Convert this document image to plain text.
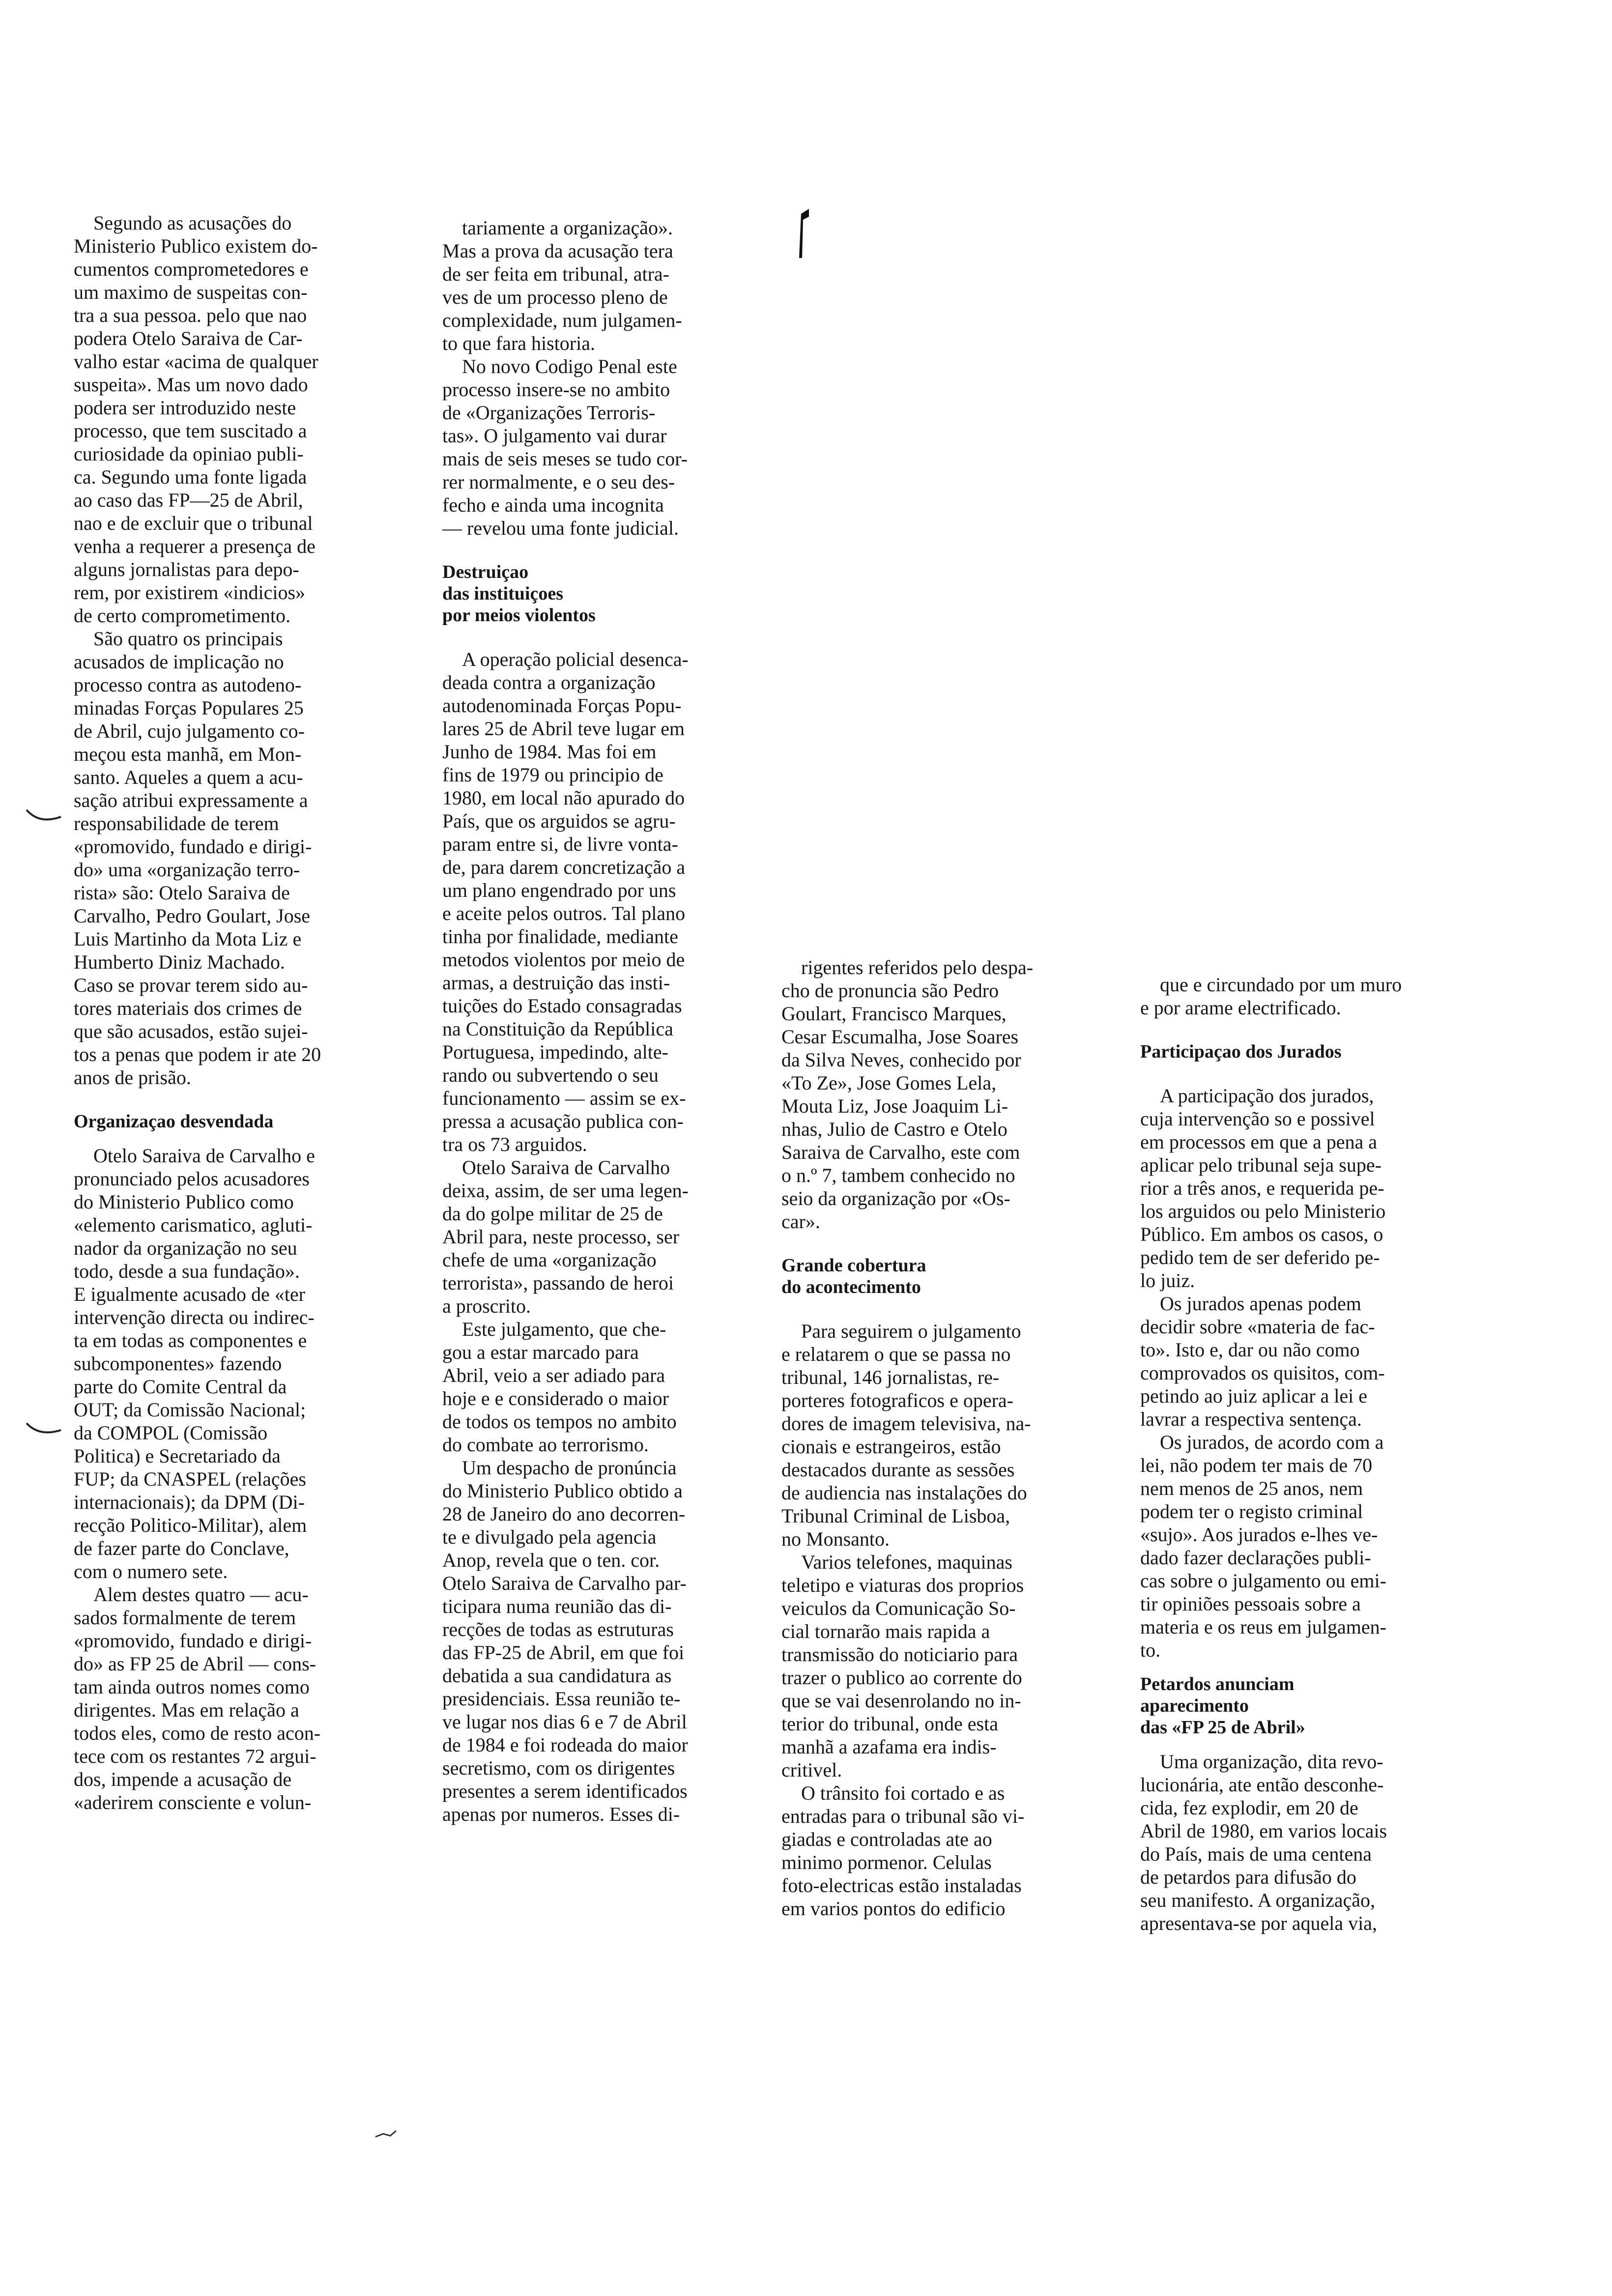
 Segundo as acusações do
Ministerio Publico existem do-
cumentos comprometedores e
um maximo de suspeitas con-
tra a sua pessoa. pelo que nao
podera Otelo Saraiva de Car-
valho estar «acima de qualquer
suspeita». Mas um novo dado
podera ser introduzido neste
processo, que tem suscitado a
curiosidade da opiniao publi-
ca. Segundo uma fonte ligada
ao caso das FP—25 de Abril,
nao e de excluir que o tribunal
venha a requerer a presença de
alguns jornalistas para depo-
rem, por existirem «indicios»
de certo comprometimento.
 São quatro os principais
acusados de implicação no
processo contra as autodeno-
minadas Forças Populares 25
de Abril, cujo julgamento co-
meçou esta manhã, em Mon-
santo. Aqueles a quem a acu-
sação atribui expressamente a
responsabilidade de terem
«promovido, fundado e dirigi-
do» uma «organização terro-
rista» são: Otelo Saraiva de
Carvalho, Pedro Goulart, Jose
Luis Martinho da Mota Liz e
Humberto Diniz Machado.
Caso se provar terem sido au-
tores materiais dos crimes de
que são acusados, estão sujei-
tos a penas que podem ir ate 20
anos de prisão.
Organizaçao desvendada
 Otelo Saraiva de Carvalho e
pronunciado pelos acusadores
do Ministerio Publico como
«elemento carismatico, agluti-
nador da organização no seu
todo, desde a sua fundação».
E igualmente acusado de «ter
intervenção directa ou indirec-
ta em todas as componentes e
subcomponentes» fazendo
parte do Comite Central da
OUT; da Comissão Nacional;
da COMPOL (Comissão
Politica) e Secretariado da
FUP; da CNASPEL (relações
internacionais); da DPM (Di-
recção Politico-Militar), alem
de fazer parte do Conclave,
com o numero sete.
 Alem destes quatro — acu-
sados formalmente de terem
«promovido, fundado e dirigi-
do» as FP 25 de Abril — cons-
tam ainda outros nomes como
dirigentes. Mas em relação a
todos eles, como de resto acon-
tece com os restantes 72 argui-
dos, impende a acusação de
«aderirem consciente e volun-
 tariamente a organização».
Mas a prova da acusação tera
de ser feita em tribunal, atra-
ves de um processo pleno de
complexidade, num julgamen-
to que fara historia.
 No novo Codigo Penal este
processo insere-se no ambito
de «Organizações Terroris-
tas». O julgamento vai durar
mais de seis meses se tudo cor-
rer normalmente, e o seu des-
fecho e ainda uma incognita
— revelou uma fonte judicial.
Destruiçao
das instituiçoes
por meios violentos
 A operação policial desenca-
deada contra a organização
autodenominada Forças Popu-
lares 25 de Abril teve lugar em
Junho de 1984. Mas foi em
fins de 1979 ou principio de
1980, em local não apurado do
País, que os arguidos se agru-
param entre si, de livre vonta-
de, para darem concretização a
um plano engendrado por uns
e aceite pelos outros. Tal plano
tinha por finalidade, mediante
metodos violentos por meio de
armas, a destruição das insti-
tuições do Estado consagradas
na Constituição da República
Portuguesa, impedindo, alte-
rando ou subvertendo o seu
funcionamento — assim se ex-
pressa a acusação publica con-
tra os 73 arguidos.
 Otelo Saraiva de Carvalho
deixa, assim, de ser uma legen-
da do golpe militar de 25 de
Abril para, neste processo, ser
chefe de uma «organização
terrorista», passando de heroi
a proscrito.
 Este julgamento, que che-
gou a estar marcado para
Abril, veio a ser adiado para
hoje e e considerado o maior
de todos os tempos no ambito
do combate ao terrorismo.
 Um despacho de pronúncia
do Ministerio Publico obtido a
28 de Janeiro do ano decorren-
te e divulgado pela agencia
Anop, revela que o ten. cor.
Otelo Saraiva de Carvalho par-
ticipara numa reunião das di-
recções de todas as estruturas
das FP-25 de Abril, em que foi
debatida a sua candidatura as
presidenciais. Essa reunião te-
ve lugar nos dias 6 e 7 de Abril
de 1984 e foi rodeada do maior
secretismo, com os dirigentes
presentes a serem identificados
apenas por numeros. Esses di-
 rigentes referidos pelo despa-
cho de pronuncia são Pedro
Goulart, Francisco Marques,
Cesar Escumalha, Jose Soares
da Silva Neves, conhecido por
«To Ze», Jose Gomes Lela,
Mouta Liz, Jose Joaquim Li-
nhas, Julio de Castro e Otelo
Saraiva de Carvalho, este com
o n.º 7, tambem conhecido no
seio da organização por «Os-
car».
Grande cobertura
do acontecimento
 Para seguirem o julgamento
e relatarem o que se passa no
tribunal, 146 jornalistas, re-
porteres fotograficos e opera-
dores de imagem televisiva, na-
cionais e estrangeiros, estão
destacados durante as sessões
de audiencia nas instalações do
Tribunal Criminal de Lisboa,
no Monsanto.
 Varios telefones, maquinas
teletipo e viaturas dos proprios
veiculos da Comunicação So-
cial tornarão mais rapida a
transmissão do noticiario para
trazer o publico ao corrente do
que se vai desenrolando no in-
terior do tribunal, onde esta
manhã a azafama era indis-
critivel.
 O trânsito foi cortado e as
entradas para o tribunal são vi-
giadas e controladas ate ao
minimo pormenor. Celulas
foto-electricas estão instaladas
em varios pontos do edificio
 que e circundado por um muro
e por arame electrificado.
Participaçao dos Jurados
 A participação dos jurados,
cuja intervenção so e possivel
em processos em que a pena a
aplicar pelo tribunal seja supe-
rior a três anos, e requerida pe-
los arguidos ou pelo Ministerio
Público. Em ambos os casos, o
pedido tem de ser deferido pe-
lo juiz.
 Os jurados apenas podem
decidir sobre «materia de fac-
to». Isto e, dar ou não como
comprovados os quisitos, com-
petindo ao juiz aplicar a lei e
lavrar a respectiva sentença.
 Os jurados, de acordo com a
lei, não podem ter mais de 70
nem menos de 25 anos, nem
podem ter o registo criminal
«sujo». Aos jurados e-lhes ve-
dado fazer declarações publi-
cas sobre o julgamento ou emi-
tir opiniões pessoais sobre a
materia e os reus em julgamen-
to.
Petardos anunciam
aparecimento
das «FP 25 de Abril»
 Uma organização, dita revo-
lucionária, ate então desconhe-
cida, fez explodir, em 20 de
Abril de 1980, em varios locais
do País, mais de uma centena
de petardos para difusão do
seu manifesto. A organização,
apresentava-se por aquela via,
